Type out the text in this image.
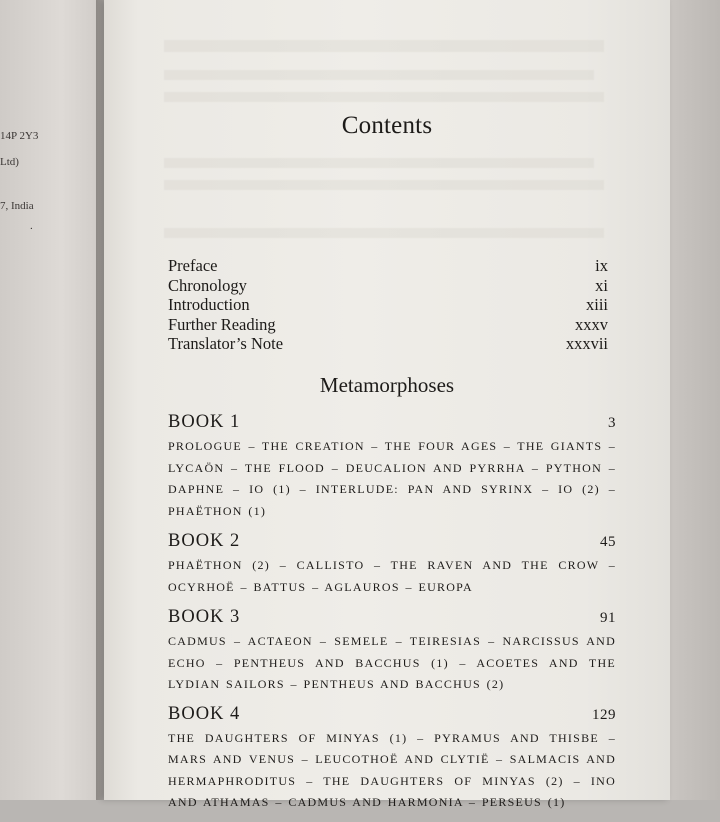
14P 2Y3
Ltd)
7, India
.
Contents
Preface	ix
Chronology	xi
Introduction	xiii
Further Reading	xxxv
Translator’s Note	xxxvii
Metamorphoses
BOOK 1	3
PROLOGUE – THE CREATION – THE FOUR AGES – THE GIANTS – LYCAÖN – THE FLOOD – DEUCALION AND PYRRHA – PYTHON – DAPHNE – IO (1) – INTERLUDE: PAN AND SYRINX – IO (2) – PHAËTHON (1)
BOOK 2	45
PHAËTHON (2) – CALLISTO – THE RAVEN AND THE CROW – OCYRHOË – BATTUS – AGLAUROS – EUROPA
BOOK 3	91
CADMUS – ACTAEON – SEMELE – TEIRESIAS – NARCISSUS AND ECHO – PENTHEUS AND BACCHUS (1) – ACOETES AND THE LYDIAN SAILORS – PENTHEUS AND BACCHUS (2)
BOOK 4	129
THE DAUGHTERS OF MINYAS (1) – PYRAMUS AND THISBE – MARS AND VENUS – LEUCOTHOË AND CLYTIË – SALMACIS AND HERMAPHRODITUS – THE DAUGHTERS OF MINYAS (2) – INO AND ATHAMAS – CADMUS AND HARMONIA – PERSEUS (1)
